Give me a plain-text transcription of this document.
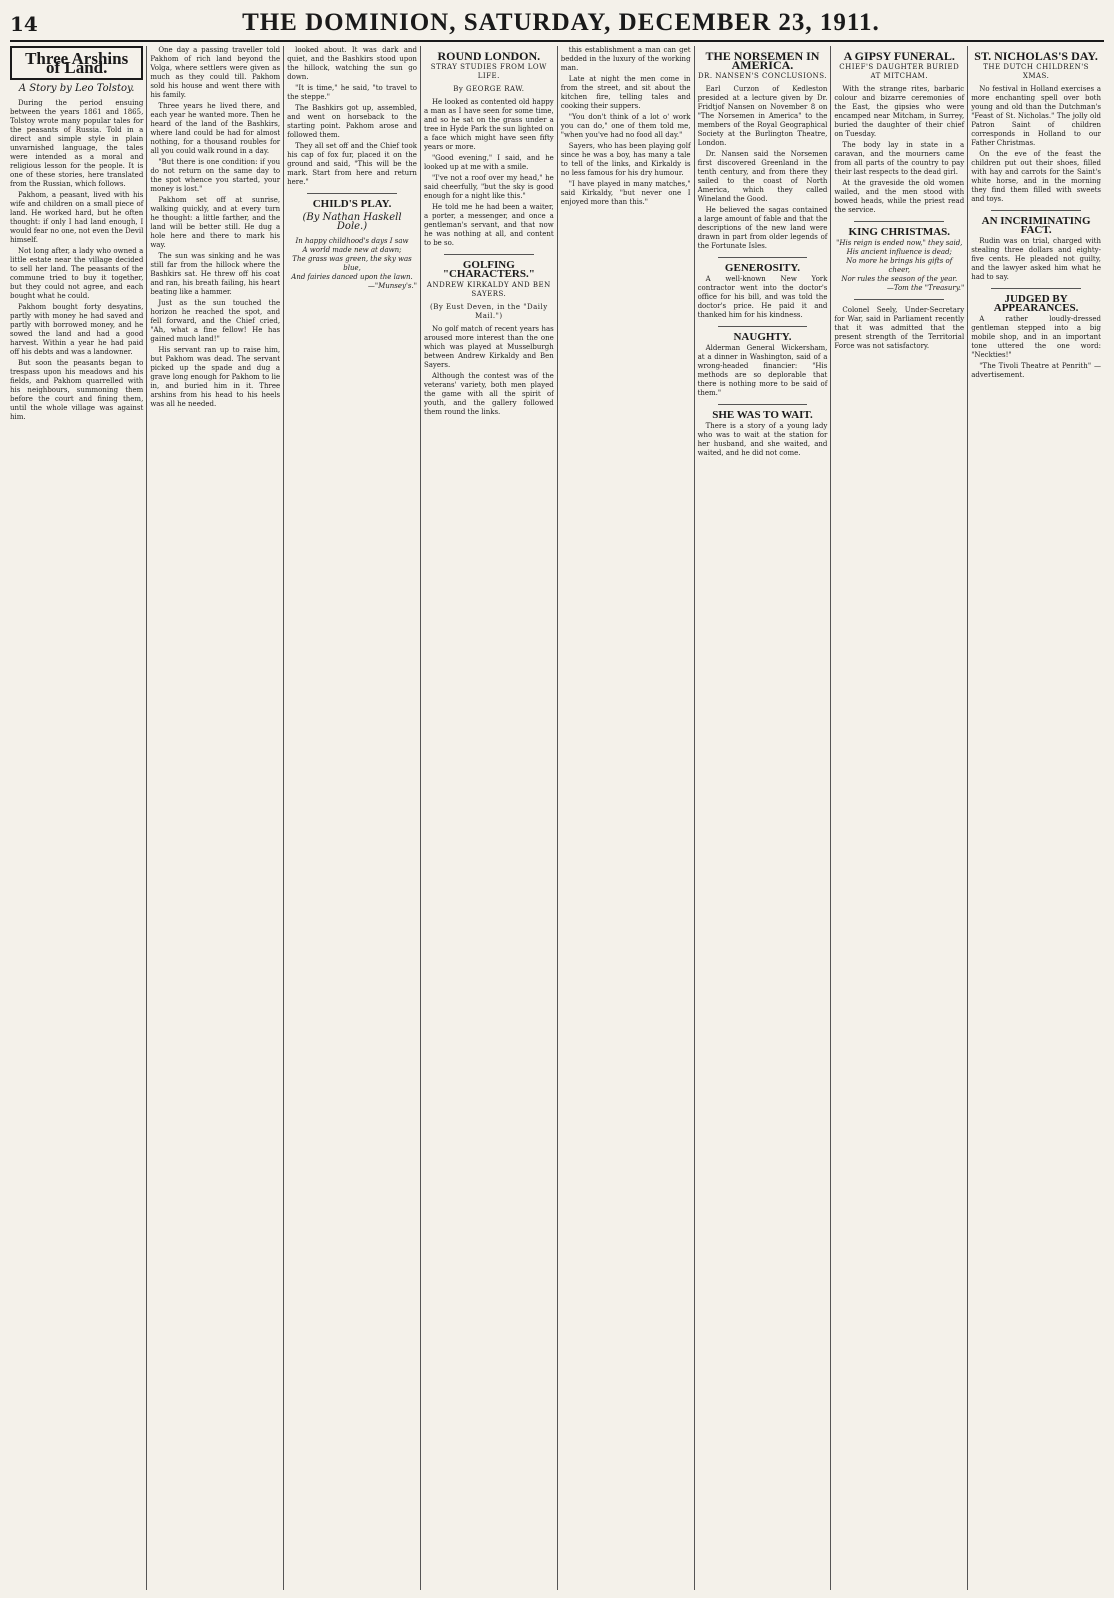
14	THE DOMINION, SATURDAY, DECEMBER 23, 1911.
Three Arshins of Land.
A Story by Leo Tolstoy.

During the period ensuing between the years 1861 and 1865, Tolstoy wrote many popular tales for the peasants of Russia. Told in a direct and simple style in plain unvarnished language, the tales were intended as a moral and religious lesson for the people. It is one of these stories, here translated from the Russian, which follows.

Pakhom, a peasant, lived with his wife and children on a small piece of land. He worked hard, but he often thought: if only I had land enough, I would fear no one, not even the Devil himself.

Not long after, a lady who owned a little estate near the village decided to sell her land. The peasants of the commune tried to buy it together, but they could not agree, and each bought what he could.

Pakhom bought forty desyatins, partly with money he had saved and partly with borrowed money, and he sowed the land and had a good harvest. Within a year he had paid off his debts and was a landowner.

But soon the peasants began to trespass upon his meadows and his fields, and Pakhom quarrelled with his neighbours, summoning them before the court and fining them, until the whole village was against him.

One day a passing traveller told Pakhom of rich land beyond the Volga, where settlers were given as much as they could till. Pakhom sold his house and went there with his family.

Three years he lived there, and each year he wanted more. Then he heard of the land of the Bashkirs, where land could be had for almost nothing, for a thousand roubles for all you could walk round in a day.

"But there is one condition: if you do not return on the same day to the spot whence you started, your money is lost."

Pakhom set off at sunrise, walking quickly, and at every turn he thought: a little farther, and the land will be better still. He dug a hole here and there to mark his way.

The sun was sinking and he was still far from the hillock where the Bashkirs sat. He threw off his coat and ran, his breath failing, his heart beating like a hammer.

Just as the sun touched the horizon he reached the spot, and fell forward, and the Chief cried, "Ah, what a fine fellow! He has gained much land!"

His servant ran up to raise him, but Pakhom was dead. The servant picked up the spade and dug a grave long enough for Pakhom to lie in, and buried him in it. Three arshins from his head to his heels was all he needed.

looked about. It was dark and quiet, and the Bashkirs stood upon the hillock, watching the sun go down.

"It is time," he said, "to travel to the steppe."

The Bashkirs got up, assembled, and went on horseback to the starting point. Pakhom arose and followed them.

They all set off and the Chief took his cap of fox fur, placed it on the ground and said, "This will be the mark. Start from here and return here."

CHILD'S PLAY.
(By Nathan Haskell Dole.)

In happy childhood's days I saw

A world made new at dawn;

The grass was green, the sky was blue,

And fairies danced upon the lawn.

—"Munsey's."
ROUND LONDON.
STRAY STUDIES FROM LOW LIFE.
By GEORGE RAW.

He looked as contented old happy a man as I have seen for some time, and so he sat on the grass under a tree in Hyde Park the sun lighted on a face which might have seen fifty years or more.

"Good evening," I said, and he looked up at me with a smile.

"I've not a roof over my head," he said cheerfully, "but the sky is good enough for a night like this."

He told me he had been a waiter, a porter, a messenger, and once a gentleman's servant, and that now he was nothing at all, and content to be so.

GOLFING "CHARACTERS."
ANDREW KIRKALDY AND BEN SAYERS.
(By Eust Deven, in the "Daily Mail.")

No golf match of recent years has aroused more interest than the one which was played at Musselburgh between Andrew Kirkaldy and Ben Sayers.

Although the contest was of the veterans' variety, both men played the game with all the spirit of youth, and the gallery followed them round the links.

this establishment a man can get bedded in the luxury of the working man.

Late at night the men come in from the street, and sit about the kitchen fire, telling tales and cooking their suppers.

"You don't think of a lot o' work you can do," one of them told me, "when you've had no food all day."

Sayers, who has been playing golf since he was a boy, has many a tale to tell of the links, and Kirkaldy is no less famous for his dry humour.

"I have played in many matches," said Kirkaldy, "but never one I enjoyed more than this."

THE NORSEMEN IN AMERICA.
DR. NANSEN'S CONCLUSIONS.

Earl Curzon of Kedleston presided at a lecture given by Dr. Fridtjof Nansen on November 8 on "The Norsemen in America" to the members of the Royal Geographical Society at the Burlington Theatre, London.

Dr. Nansen said the Norsemen first discovered Greenland in the tenth century, and from there they sailed to the coast of North America, which they called Wineland the Good.

He believed the sagas contained a large amount of fable and that the descriptions of the new land were drawn in part from older legends of the Fortunate Isles.

GENEROSITY.

A well-known New York contractor went into the doctor's office for his bill, and was told the doctor's price. He paid it and thanked him for his kindness.

NAUGHTY.

Alderman General Wickersham, at a dinner in Washington, said of a wrong-headed financier: "His methods are so deplorable that there is nothing more to be said of them."

SHE WAS TO WAIT.

There is a story of a young lady who was to wait at the station for her husband, and she waited, and waited, and he did not come.

A GIPSY FUNERAL.
CHIEF'S DAUGHTER BURIED AT MITCHAM.

With the strange rites, barbaric colour and bizarre ceremonies of the East, the gipsies who were encamped near Mitcham, in Surrey, buried the daughter of their chief on Tuesday.

The body lay in state in a caravan, and the mourners came from all parts of the country to pay their last respects to the dead girl.

At the graveside the old women wailed, and the men stood with bowed heads, while the priest read the service.

KING CHRISTMAS.

"His reign is ended now," they said,

His ancient influence is dead;

No more he brings his gifts of cheer,

Nor rules the season of the year.

—Tom the "Treasury."

Colonel Seely, Under-Secretary for War, said in Parliament recently that it was admitted that the present strength of the Territorial Force was not satisfactory.

ST. NICHOLAS'S DAY.
THE DUTCH CHILDREN'S XMAS.

No festival in Holland exercises a more enchanting spell over both young and old than the Dutchman's "Feast of St. Nicholas." The jolly old Patron Saint of children corresponds in Holland to our Father Christmas.

On the eve of the feast the children put out their shoes, filled with hay and carrots for the Saint's white horse, and in the morning they find them filled with sweets and toys.

AN INCRIMINATING FACT.

Rudin was on trial, charged with stealing three dollars and eighty-five cents. He pleaded not guilty, and the lawyer asked him what he had to say.

JUDGED BY APPEARANCES.

A rather loudly-dressed gentleman stepped into a big mobile shop, and in an important tone uttered the one word: "Neckties!"

"The Tivoli Theatre at Penrith" —advertisement.
